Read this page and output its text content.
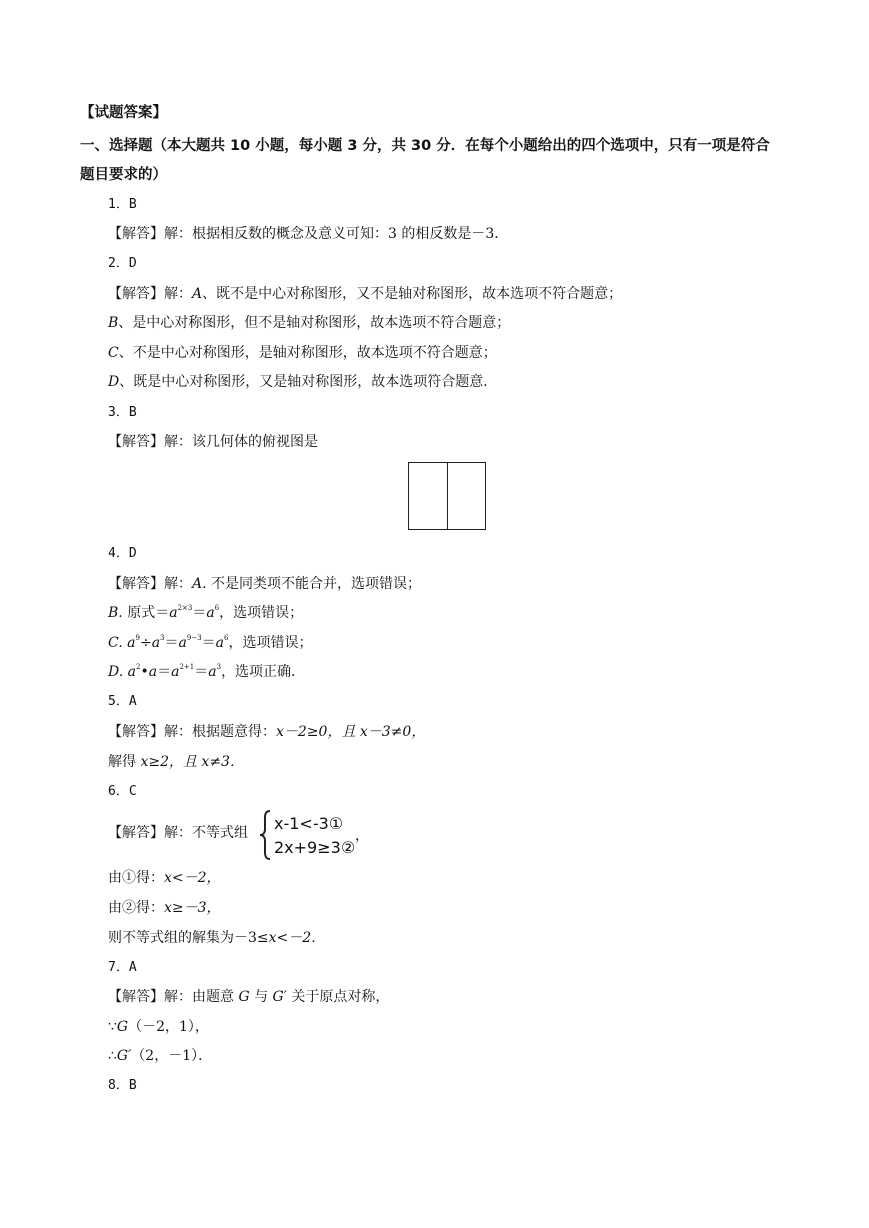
【试题答案】
一、选择题（本大题共 10 小题，每小题 3 分，共 30 分．在每个小题给出的四个选项中，只有一项是符合
题目要求的）
1．B
【解答】解：根据相反数的概念及意义可知：3 的相反数是－3．
2．D
【解答】解：A、既不是中心对称图形，又不是轴对称图形，故本选项不符合题意；
B、是中心对称图形，但不是轴对称图形，故本选项不符合题意；
C、不是中心对称图形，是轴对称图形，故本选项不符合题意；
D、既是中心对称图形，又是轴对称图形，故本选项符合题意．
3．B
【解答】解：该几何体的俯视图是
4．D
【解答】解：A. 不是同类项不能合并，选项错误；
B. 原式$=a^{2\times 3}=a^6$，选项错误；
C. $a^9\div a^3=a^{9-3}=a^6$，选项错误；
D. $a^2•a=a^{2+1}=a^3$，选项正确．
5．A
【解答】解：根据题意得：x－2≥0，且 x－3≠0，
解得 x≥2，且 x≠3．
6．C
【解答】解：不等式组 x-1<-3①
2x+9≥3②
，
由①得：x<－2，
由②得：x≥－3，
则不等式组的解集为－3≤x<－2．
7．A
【解答】解：由题意 G 与 G′ 关于原点对称，
∵G（－2，1），
∴G′（2，－1）．
8．B
